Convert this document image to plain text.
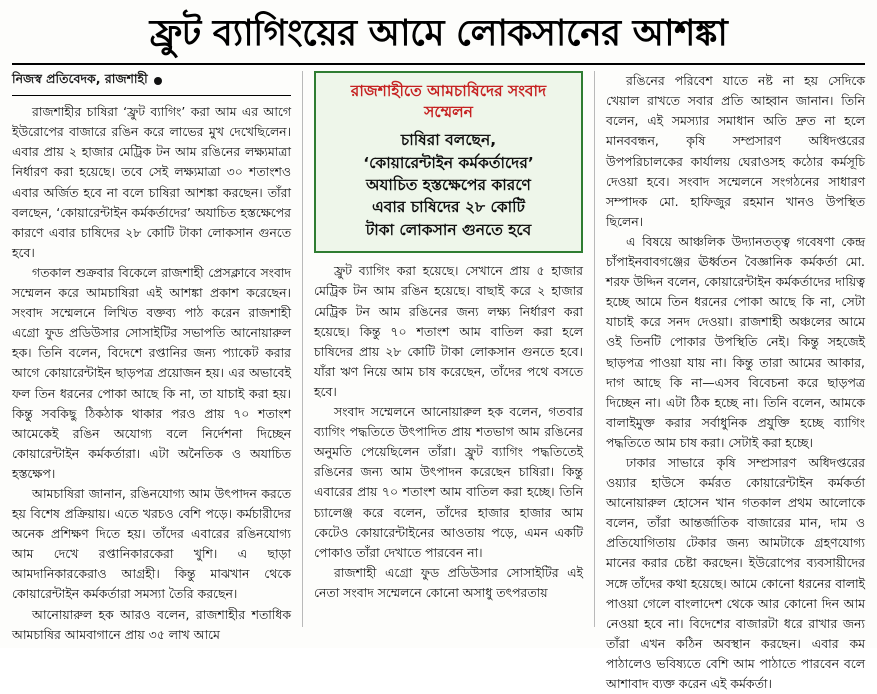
ফ্রুট ব্যাগিংয়ের আমে লোকসানের আশঙ্কা
নিজস্ব প্রতিবেদক, রাজশাহী

রাজশাহীর চাষিরা ‘ফ্রুট ব্যাগিং’ করা আম এর আগে ইউরোপের বাজারে রঙিন করে লাভের মুখ দেখেছিলেন। এবার প্রায় ২ হাজার মেট্রিক টন আম রঙিনের লক্ষ্যমাত্রা নির্ধারণ করা হয়েছে। তবে সেই লক্ষ্যমাত্রা ৩০ শতাংশও এবার অর্জিত হবে না বলে চাষিরা আশঙ্কা করছেন। তাঁরা বলছেন, ‘কোয়ারেন্টাইন কর্মকর্তাদের’ অযাচিত হস্তক্ষেপের কারণে এবার চাষিদের ২৮ কোটি টাকা লোকসান গুনতে হবে।

গতকাল শুক্রবার বিকেলে রাজশাহী প্রেসক্লাবে সংবাদ সম্মেলন করে আমচাষিরা এই আশঙ্কা প্রকাশ করেছেন। সংবাদ সম্মেলনে লিখিত বক্তব্য পাঠ করেন রাজশাহী এগ্রো ফুড প্রডিউসার সোসাইটির সভাপতি আনোয়ারুল হক। তিনি বলেন, বিদেশে রপ্তানির জন্য প্যাকেট করার আগে কোয়ারেন্টাইন ছাড়পত্র প্রয়োজন হয়। এর অভাবেই ফল তিন ধরনের পোকা আছে কি না, তা যাচাই করা হয়। কিন্তু সবকিছু ঠিকঠাক থাকার পরও প্রায় ৭০ শতাংশ আমেকেই রঙিন অযোগ্য বলে নির্দেশনা দিচ্ছেন কোয়ারেন্টাইন কর্মকর্তারা। এটা অনৈতিক ও অযাচিত হস্তক্ষেপ।

আমচাষিরা জানান, রঙিনযোগ্য আম উৎপাদন করতে হয় বিশেষ প্রক্রিয়ায়। এতে খরচও বেশি পড়ে। কর্মচারীদের অনেক প্রশিক্ষণ দিতে হয়। তাঁদের এবারের রঙিনযোগ্য আম দেখে রপ্তানিকারকেরা খুশি। এ ছাড়া আমদানিকারকেরাও আগ্রহী। কিন্তু মাঝখান থেকে কোয়ারেন্টাইন কর্মকর্তারা সমস্যা তৈরি করছেন।

আনোয়ারুল হক আরও বলেন, রাজশাহীর শতাধিক আমচাষির আমবাগানে প্রায় ৩৫ লাখ আমে

রাজশাহীতে আমচাষিদের সংবাদ সম্মেলন
চাষিরা বলছেন,
‘কোয়ারেন্টাইন কর্মকর্তাদের’
অযাচিত হস্তক্ষেপের কারণে
এবার চাষিদের ২৮ কোটি
টাকা লোকসান গুনতে হবে

ফ্রুট ব্যাগিং করা হয়েছে। সেখানে প্রায় ৫ হাজার মেট্রিক টন আম রঙিন হয়েছে। বাছাই করে ২ হাজার মেট্রিক টন আম রঙিনের জন্য লক্ষ্য নির্ধারণ করা হয়েছে। কিন্তু ৭০ শতাংশ আম বাতিল করা হলে চাষিদের প্রায় ২৮ কোটি টাকা লোকসান গুনতে হবে। যাঁরা ঋণ নিয়ে আম চাষ করেছেন, তাঁদের পথে বসতে হবে।

সংবাদ সম্মেলনে আনোয়ারুল হক বলেন, গতবার ব্যাগিং পদ্ধতিতে উৎপাদিত প্রায় শতভাগ আম রঙিনের অনুমতি পেয়েছিলেন তাঁরা। ফ্রুট ব্যাগিং পদ্ধতিতেই রঙিনের জন্য আম উৎপাদন করেছেন চাষিরা। কিন্তু এবারের প্রায় ৭০ শতাংশ আম বাতিল করা হচ্ছে। তিনি চ্যালেঞ্জ করে বলেন, তাঁদের হাজার হাজার আম কেটেও কোয়ারেন্টাইনের আওতায় পড়ে, এমন একটি পোকাও তাঁরা দেখাতে পারবেন না।

রাজশাহী এগ্রো ফুড প্রডিউসার সোসাইটির এই নেতা সংবাদ সম্মেলনে কোনো অসাধু তৎপরতায়

রঙিনের পরিবেশ যাতে নষ্ট না হয় সেদিকে খেয়াল রাখতে সবার প্রতি আহ্বান জানান। তিনি বলেন, এই সমস্যার সমাধান অতি দ্রুত না হলে মানববন্ধন, কৃষি সম্প্রসারণ অধিদপ্তরের উপপরিচালকের কার্যালয় ঘেরাওসহ কঠোর কর্মসূচি দেওয়া হবে। সংবাদ সম্মেলনে সংগঠনের সাধারণ সম্পাদক মো. হাফিজুর রহমান খানও উপস্থিত ছিলেন।

এ বিষয়ে আঞ্চলিক উদ্যানতত্ত্ব গবেষণা কেন্দ্র চাঁপাইনবাবগঞ্জের ঊর্ধ্বতন বৈজ্ঞানিক কর্মকর্তা মো. শরফ উদ্দিন বলেন, কোয়ারেন্টাইন কর্মকর্তাদের দায়িত্ব হচ্ছে আমে তিন ধরনের পোকা আছে কি না, সেটা যাচাই করে সনদ দেওয়া। রাজশাহী অঞ্চলের আমে ওই তিনটি পোকার উপস্থিতি নেই। কিন্তু সহজেই ছাড়পত্র পাওয়া যায় না। কিন্তু তারা আমের আকার, দাগ আছে কি না—এসব বিবেচনা করে ছাড়পত্র দিচ্ছেন না। এটা ঠিক হচ্ছে না। তিনি বলেন, আমকে বালাইমুক্ত করার সর্বাধুনিক প্রযুক্তি হচ্ছে ব্যাগিং পদ্ধতিতে আম চাষ করা। সেটাই করা হচ্ছে।

ঢাকার সাভারে কৃষি সম্প্রসারণ অধিদপ্তরের ওয়্যার হাউসে কর্মরত কোয়ারেন্টাইন কর্মকর্তা আনোয়ারুল হোসেন খান গতকাল প্রথম আলোকে বলেন, তাঁরা আন্তর্জাতিক বাজারের মান, দাম ও প্রতিযোগিতায় টেকার জন্য আমটাকে গ্রহণযোগ্য মানের করার চেষ্টা করছেন। ইউরোপের ব্যবসায়ীদের সঙ্গে তাঁদের কথা হয়েছে। আমে কোনো ধরনের বালাই পাওয়া গেলে বাংলাদেশ থেকে আর কোনো দিন আম নেওয়া হবে না। বিদেশের বাজারটা ধরে রাখার জন্য তাঁরা এখন কঠিন অবস্থান করছেন। এবার কম পাঠালেও ভবিষ্যতে বেশি আম পাঠাতে পারবেন বলে আশাবাদ ব্যক্ত করেন এই কর্মকর্তা।
